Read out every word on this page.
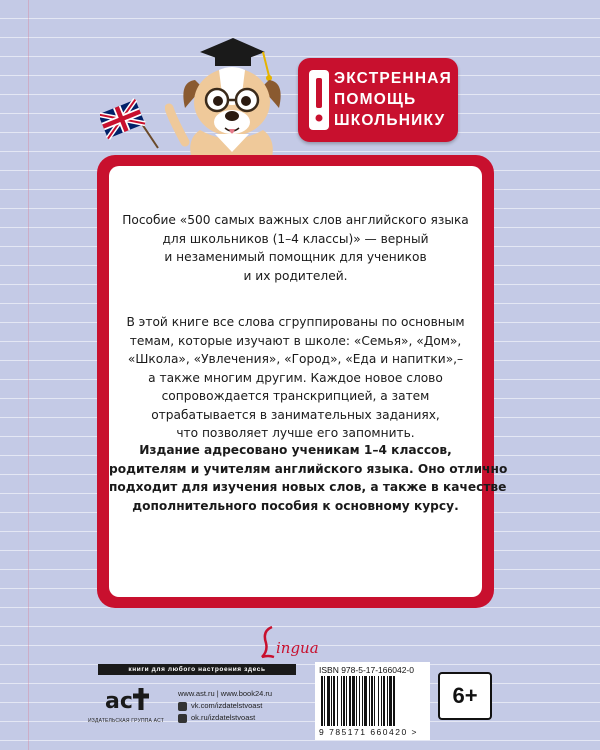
ЭКСТРЕННАЯ
ПОМОЩЬ
ШКОЛЬНИКУ
Пособие «500 самых важных слов английского языка
для школьников (1–4 классы)» — верный
и незаменимый помощник для учеников
и их родителей.
В этой книге все слова сгруппированы по основным
темам, которые изучают в школе: «Семья», «Дом»,
«Школа», «Увлечения», «Город», «Еда и напитки»,–
а также многим другим. Каждое новое слово
сопровождается транскрипцией, а затем
отрабатывается в занимательных заданиях,
что позволяет лучше его запомнить.
Издание адресовано ученикам 1–4 классов,
родителям и учителям английского языка. Оно отлично
подходит для изучения новых слов, а также в качестве
дополнительного пособия к основному курсу.
ingua
книги для любого настроения здесь
ас
ИЗДАТЕЛЬСКАЯ ГРУППА АСТ
www.ast.ru | www.book24.ru
vk.com/izdatelstvoast
ok.ru/izdatelstvoast
ISBN 978-5-17-166042-0
9 785171 660420 >
6+
